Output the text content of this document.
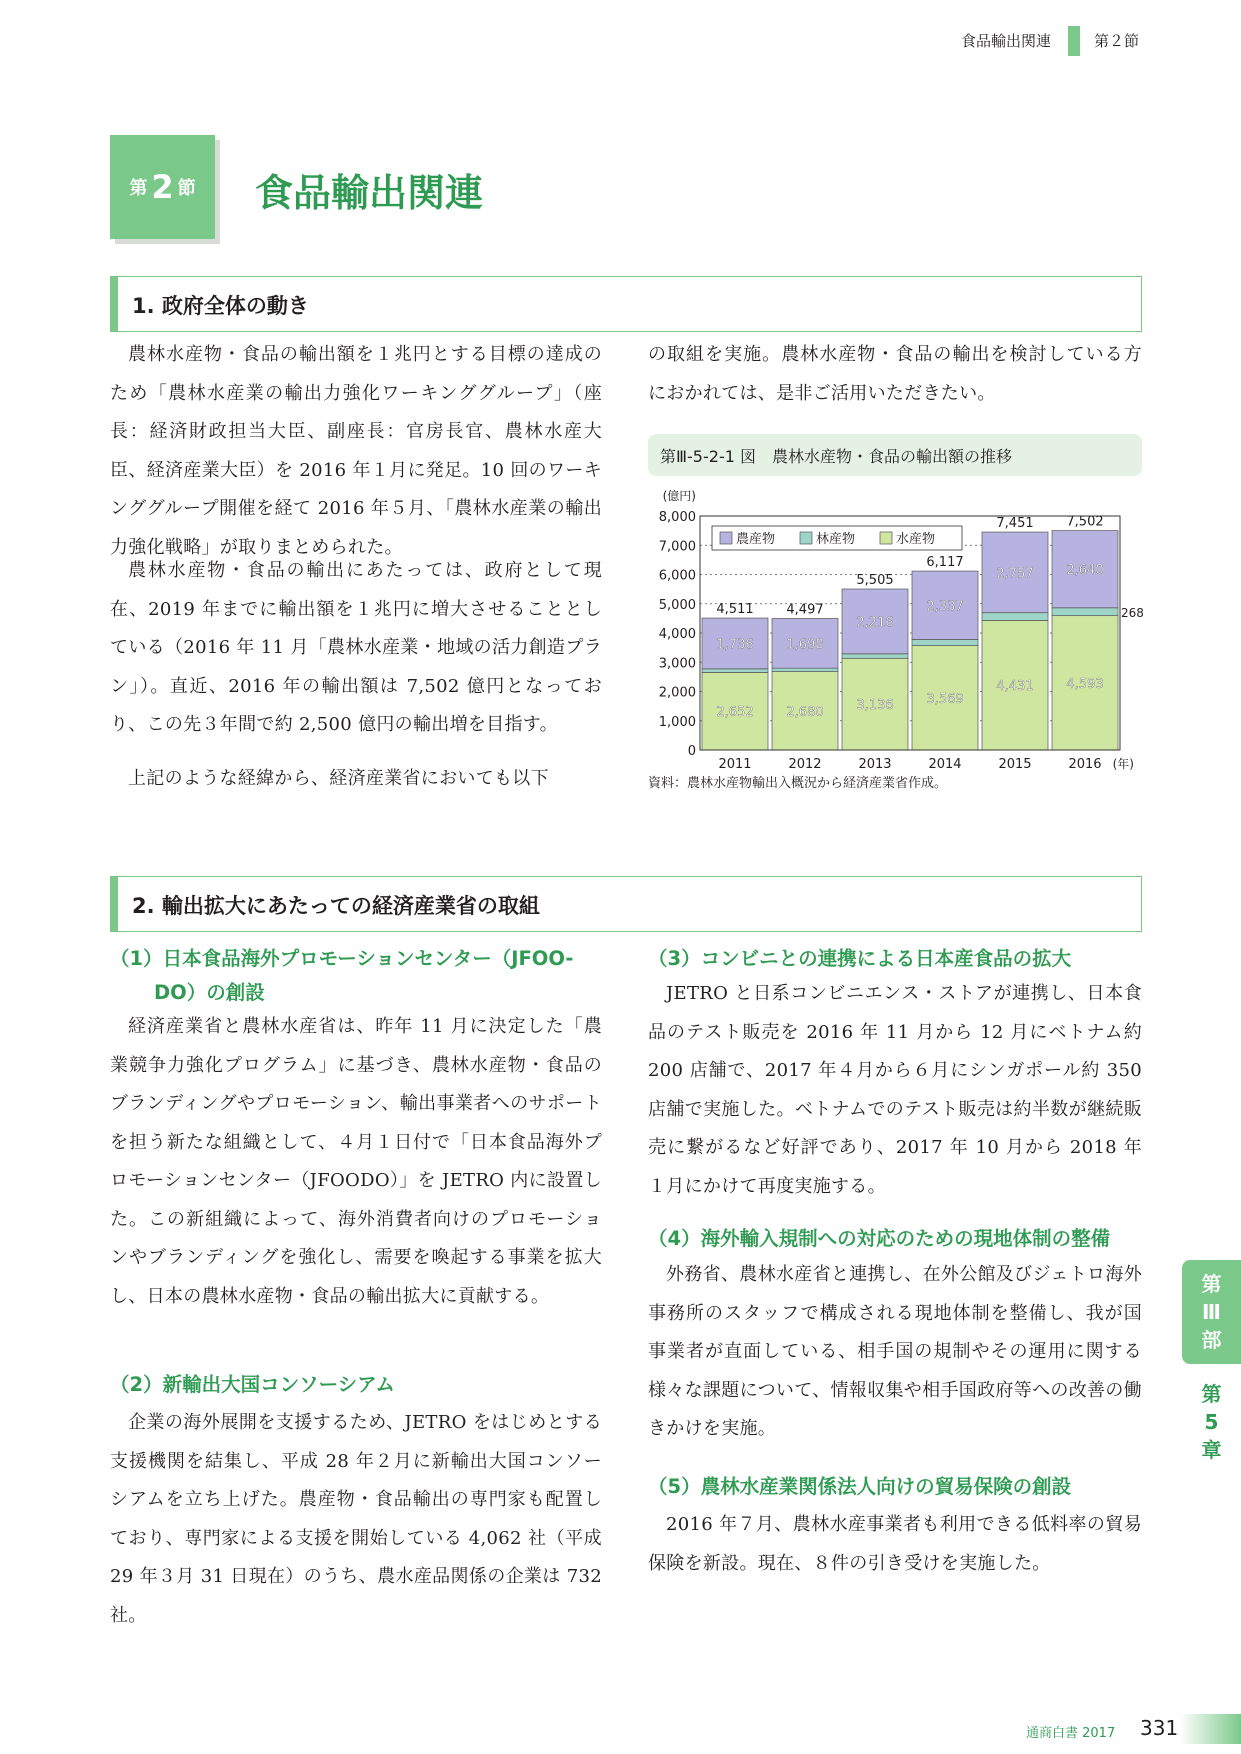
食品輸出関連	第２節
第 2 節 食品輸出関連
1. 政府全体の動き
農林水産物・食品の輸出額を１兆円とする目標の達成のため「農林水産業の輸出力強化ワーキンググループ」（座長：経済財政担当大臣、副座長：官房長官、農林水産大臣、経済産業大臣）を 2016 年１月に発足。10 回のワーキンググループ開催を経て 2016 年５月、「農林水産業の輸出力強化戦略」が取りまとめられた。
農林水産物・食品の輸出にあたっては、政府として現在、2019 年までに輸出額を１兆円に増大させることとしている（2016 年 11 月「農林水産業・地域の活力創造プラン」）。直近、2016 年の輸出額は 7,502 億円となっており、この先３年間で約 2,500 億円の輸出増を目指す。
上記のような経緯から、経済産業省においても以下
の取組を実施。農林水産物・食品の輸出を検討している方におかれては、是非ご活用いただきたい。
第Ⅲ-5-2-1 図　農林水産物・食品の輸出額の推移
0
1,000
2,000
3,000
4,000
5,000
6,000
7,000
8,000
(億円)
2,652
1,736
4,511
2011
2,680
1,698
4,497
2012
3,136
2,216
5,505
2013
3,569
2,337
6,117
2014
4,431
2,757
7,451
2015
4,593
2,640
268
7,502
2016 (年)
農産物	林産物	水産物
資料：農林水産物輸出入概況から経済産業省作成。
2. 輸出拡大にあたっての経済産業省の取組
（1）日本食品海外プロモーションセンター（JFOO-
DO）の創設
経済産業省と農林水産省は、昨年 11 月に決定した「農業競争力強化プログラム」に基づき、農林水産物・食品のブランディングやプロモーション、輸出事業者へのサポートを担う新たな組織として、４月１日付で「日本食品海外プロモーションセンター（JFOODO）」を JETRO 内に設置した。この新組織によって、海外消費者向けのプロモーションやブランディングを強化し、需要を喚起する事業を拡大し、日本の農林水産物・食品の輸出拡大に貢献する。
（2）新輸出大国コンソーシアム
企業の海外展開を支援するため、JETRO をはじめとする支援機関を結集し、平成 28 年２月に新輸出大国コンソーシアムを立ち上げた。農産物・食品輸出の専門家も配置しており、専門家による支援を開始している 4,062 社（平成 29 年３月 31 日現在）のうち、農水産品関係の企業は 732 社。
（3）コンビニとの連携による日本産食品の拡大
JETRO と日系コンビニエンス・ストアが連携し、日本食品のテスト販売を 2016 年 11 月から 12 月にベトナム約 200 店舗で、2017 年４月から６月にシンガポール約 350 店舗で実施した。ベトナムでのテスト販売は約半数が継続販売に繋がるなど好評であり、2017 年 10 月から 2018 年１月にかけて再度実施する。
（4）海外輸入規制への対応のための現地体制の整備
外務省、農林水産省と連携し、在外公館及びジェトロ海外事務所のスタッフで構成される現地体制を整備し、我が国事業者が直面している、相手国の規制やその運用に関する様々な課題について、情報収集や相手国政府等への改善の働きかけを実施。
（5）農林水産業関係法人向けの貿易保険の創設
2016 年７月、農林水産事業者も利用できる低料率の貿易保険を新設。現在、８件の引き受けを実施した。
第
Ⅲ
部
第
5
章
通商白書 2017 331
